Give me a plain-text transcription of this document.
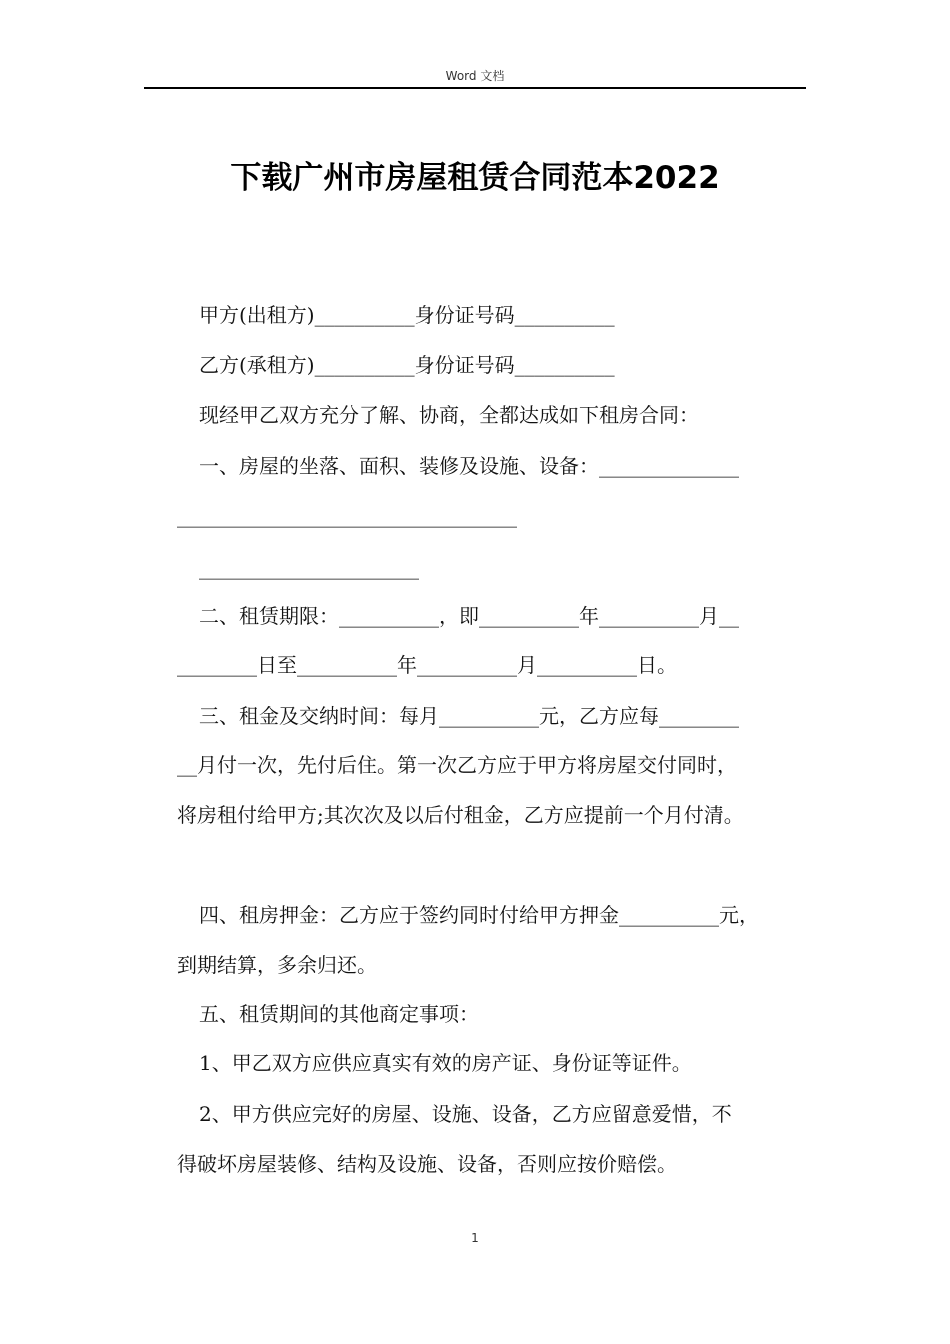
Word 文档
下载广州市房屋租赁合同范本2022
甲方(出租方)__________身份证号码__________
乙方(承租方)__________身份证号码__________
现经甲乙双方充分了解、协商，全都达成如下租房合同：
一、房屋的坐落、面积、装修及设施、设备：______________
__________________________________
______________________
二、租赁期限：__________，即__________年__________月__
________日至__________年__________月__________日。
三、租金及交纳时间：每月__________元，乙方应每________
__月付一次，先付后住。第一次乙方应于甲方将房屋交付同时，
将房租付给甲方;其次次及以后付租金，乙方应提前一个月付清。
四、租房押金：乙方应于签约同时付给甲方押金__________元，
到期结算，多余归还。
五、租赁期间的其他商定事项：
1、甲乙双方应供应真实有效的房产证、身份证等证件。
2、甲方供应完好的房屋、设施、设备，乙方应留意爱惜，不
得破坏房屋装修、结构及设施、设备，否则应按价赔偿。
1
